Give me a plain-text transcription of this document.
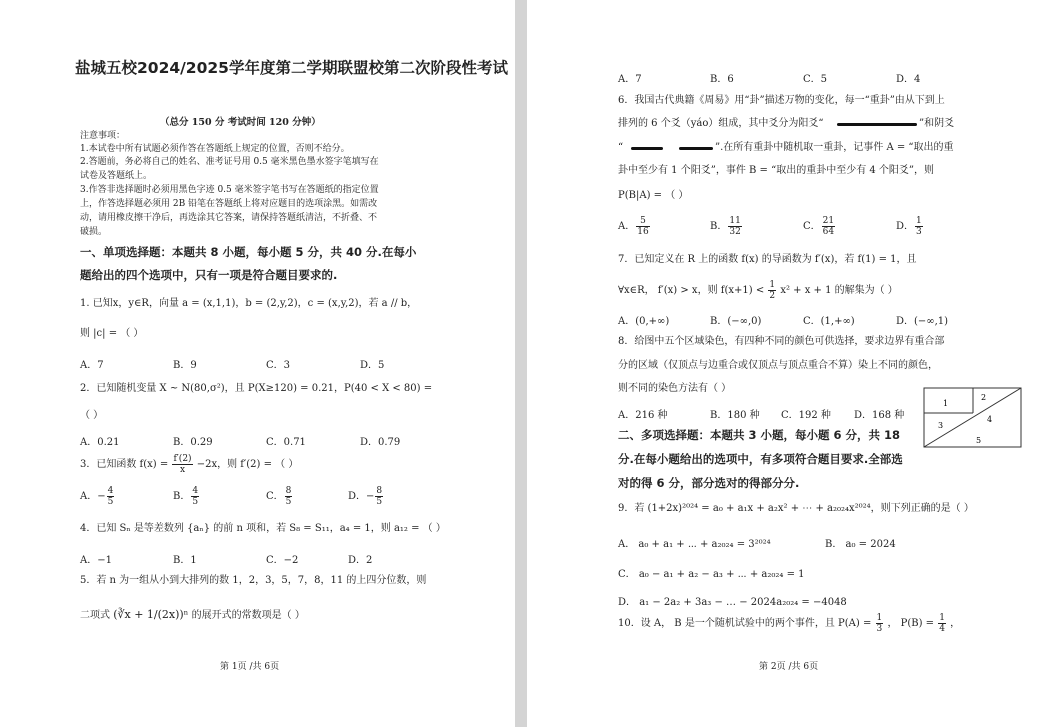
盐城五校2024/2025学年度第二学期联盟校第二次阶段性考试
（总分 150 分 考试时间 120 分钟）
注意事项：
1.本试卷中所有试题必须作答在答题纸上规定的位置，否则不给分。
2.答题前，务必将自己的姓名、准考证号用 0.5 毫米黑色墨水签字笔填写在
试卷及答题纸上。
3.作答非选择题时必须用黑色字迹 0.5 毫米签字笔书写在答题纸的指定位置
上，作答选择题必须用 2B 铅笔在答题纸上将对应题目的选项涂黑。如需改
动，请用橡皮擦干净后，再选涂其它答案，请保持答题纸清洁，不折叠、不
破损。
一、单项选择题：本题共 8 小题，每小题 5 分，共 40 分.在每小
题给出的四个选项中，只有一项是符合题目要求的.
1. 已知x，y∈R，向量 a = (x,1,1)，b = (2,y,2)，c = (x,y,2)，若 a // b，
则 |c| = （ ）
A．7	B．9	C．3	D．5
2．已知随机变量 X ~ N(80,σ²)，且 P(X≥120) = 0.21，P(40 < X < 80) =
（ ）
A．0.21	B．0.29	C．0.71	D．0.79
3．已知函数 $f(x) = \frac{f'(2)}{x} -2x$，则 f′(2) = （ ）
A．− $\frac{4}{5}$	B． $\frac{4}{5}$	C． $\frac{8}{5}$	D．− $\frac{8}{5}$
4．已知 Sₙ 是等差数列 {aₙ} 的前 n 项和，若 S₈ = S₁₁，a₄ = 1，则 a₁₂ = （ ）
A．−1	B．1	C．−2	D．2
5．若 n 为一组从小到大排列的数 1，2，3，5，7，8，11 的上四分位数，则
二项式 (∛x + 1/(2x))ⁿ 的展开式的常数项是（ ）
第 1页 /共 6页
A．7	B．6	C．5	D．4
6．我国古代典籍《周易》用“卦”描述万物的变化，每一“重卦”由从下到上
排列的 6 个爻（yáo）组成，其中爻分为阳爻“	”和阴爻
“	”.在所有重卦中随机取一重卦，记事件 A = “取出的重
卦中至少有 1 个阳爻”，事件 B = “取出的重卦中至少有 4 个阳爻”，则
P(B|A) = （ ）
A． $\frac{5}{16}$	B． $\frac{11}{32}$	C． $\frac{21}{64}$	D． $\frac{1}{3}$
7．已知定义在 R 上的函数 f(x) 的导函数为 f′(x)，若 f(1) = 1，且
∀x∈R， f′(x) > x，则 $f(x+1) < \frac{1}{2} x^2 + x + 1$ 的解集为（ ）
A．(0,+∞)	B．(−∞,0)	C．(1,+∞)	D．(−∞,1)
8．给图中五个区域染色，有四种不同的颜色可供选择，要求边界有重合部
分的区域（仅顶点与边重合或仅顶点与顶点重合不算）染上不同的颜色，
则不同的染色方法有（ ）
A．216 种	B．180 种 C．192 种 D．168 种
1
2
3
4
5
二、多项选择题：本题共 3 小题，每小题 6 分，共 18
分.在每小题给出的选项中，有多项符合题目要求.全部选
对的得 6 分，部分选对的得部分分.
9．若 (1+2x)²⁰²⁴ = a₀ + a₁x + a₂x² + ⋯ + a₂₀₂₄x²⁰²⁴，则下列正确的是（ ）
A． a₀ + a₁ + ⋯ + a₂₀₂₄ = 3²⁰²⁴	B． a₀ = 2024
C． a₀ − a₁ + a₂ − a₃ + ⋯ + a₂₀₂₄ = 1
D． a₁ − 2a₂ + 3a₃ − … − 2024a₂₀₂₄ = −4048
10．设 A， B 是一个随机试验中的两个事件，且 $P(A) = \frac{1}{3}$ ， $P(B) = \frac{1}{4}$ ，
第 2页 /共 6页
